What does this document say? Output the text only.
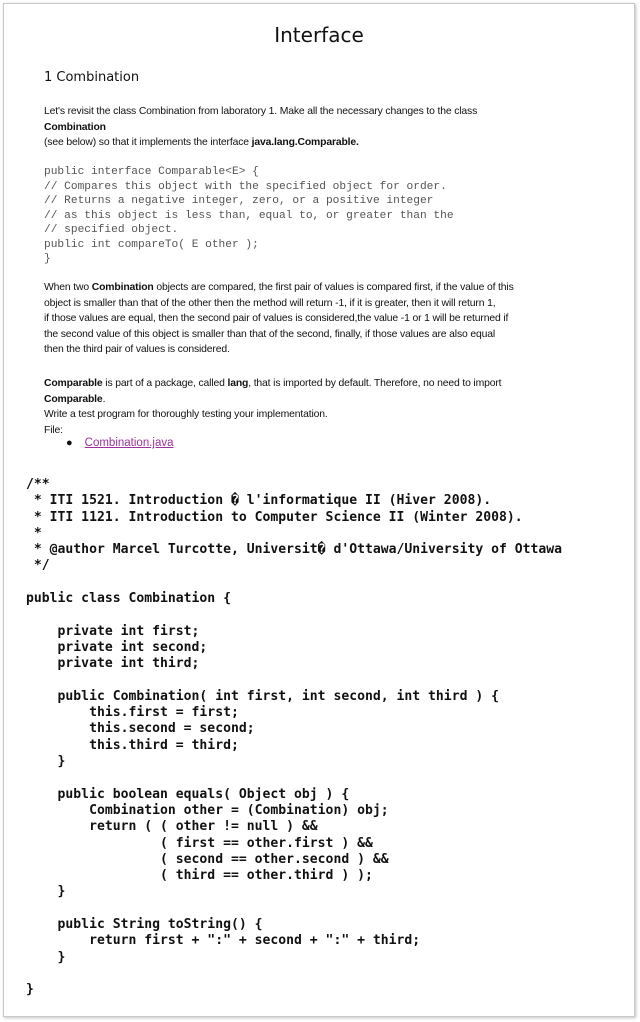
Interface
1 Combination
Let's revisit the class Combination from laboratory 1. Make all the necessary changes to the class
Combination
(see below) so that it implements the interface java.lang.Comparable.
public interface Comparable<E> {
// Compares this object with the specified object for order.
// Returns a negative integer, zero, or a positive integer
// as this object is less than, equal to, or greater than the
// specified object.
public int compareTo( E other );
}
When two Combination objects are compared, the first pair of values is compared first, if the value of this
object is smaller than that of the other then the method will return -1, if it is greater, then it will return 1,
if those values are equal, then the second pair of values is considered,the value -1 or 1 will be returned if
the second value of this object is smaller than that of the second, finally, if those values are also equal
then the third pair of values is considered.
Comparable is part of a package, called lang, that is imported by default. Therefore, no need to import
Comparable.
Write a test program for thoroughly testing your implementation.
File:
● Combination.java
/**
* ITI 1521. Introduction � l'informatique II (Hiver 2008).
* ITI 1121. Introduction to Computer Science II (Winter 2008).
*
* @author Marcel Turcotte, Universit� d'Ottawa/University of Ottawa
*/

public class Combination {

private int first;
private int second;
private int third;

public Combination( int first, int second, int third ) {
this.first = first;
this.second = second;
this.third = third;
}

public boolean equals( Object obj ) {
Combination other = (Combination) obj;
return ( ( other != null ) &&
( first == other.first ) &&
( second == other.second ) &&
( third == other.third ) );
}

public String toString() {
return first + ":" + second + ":" + third;
}

}
